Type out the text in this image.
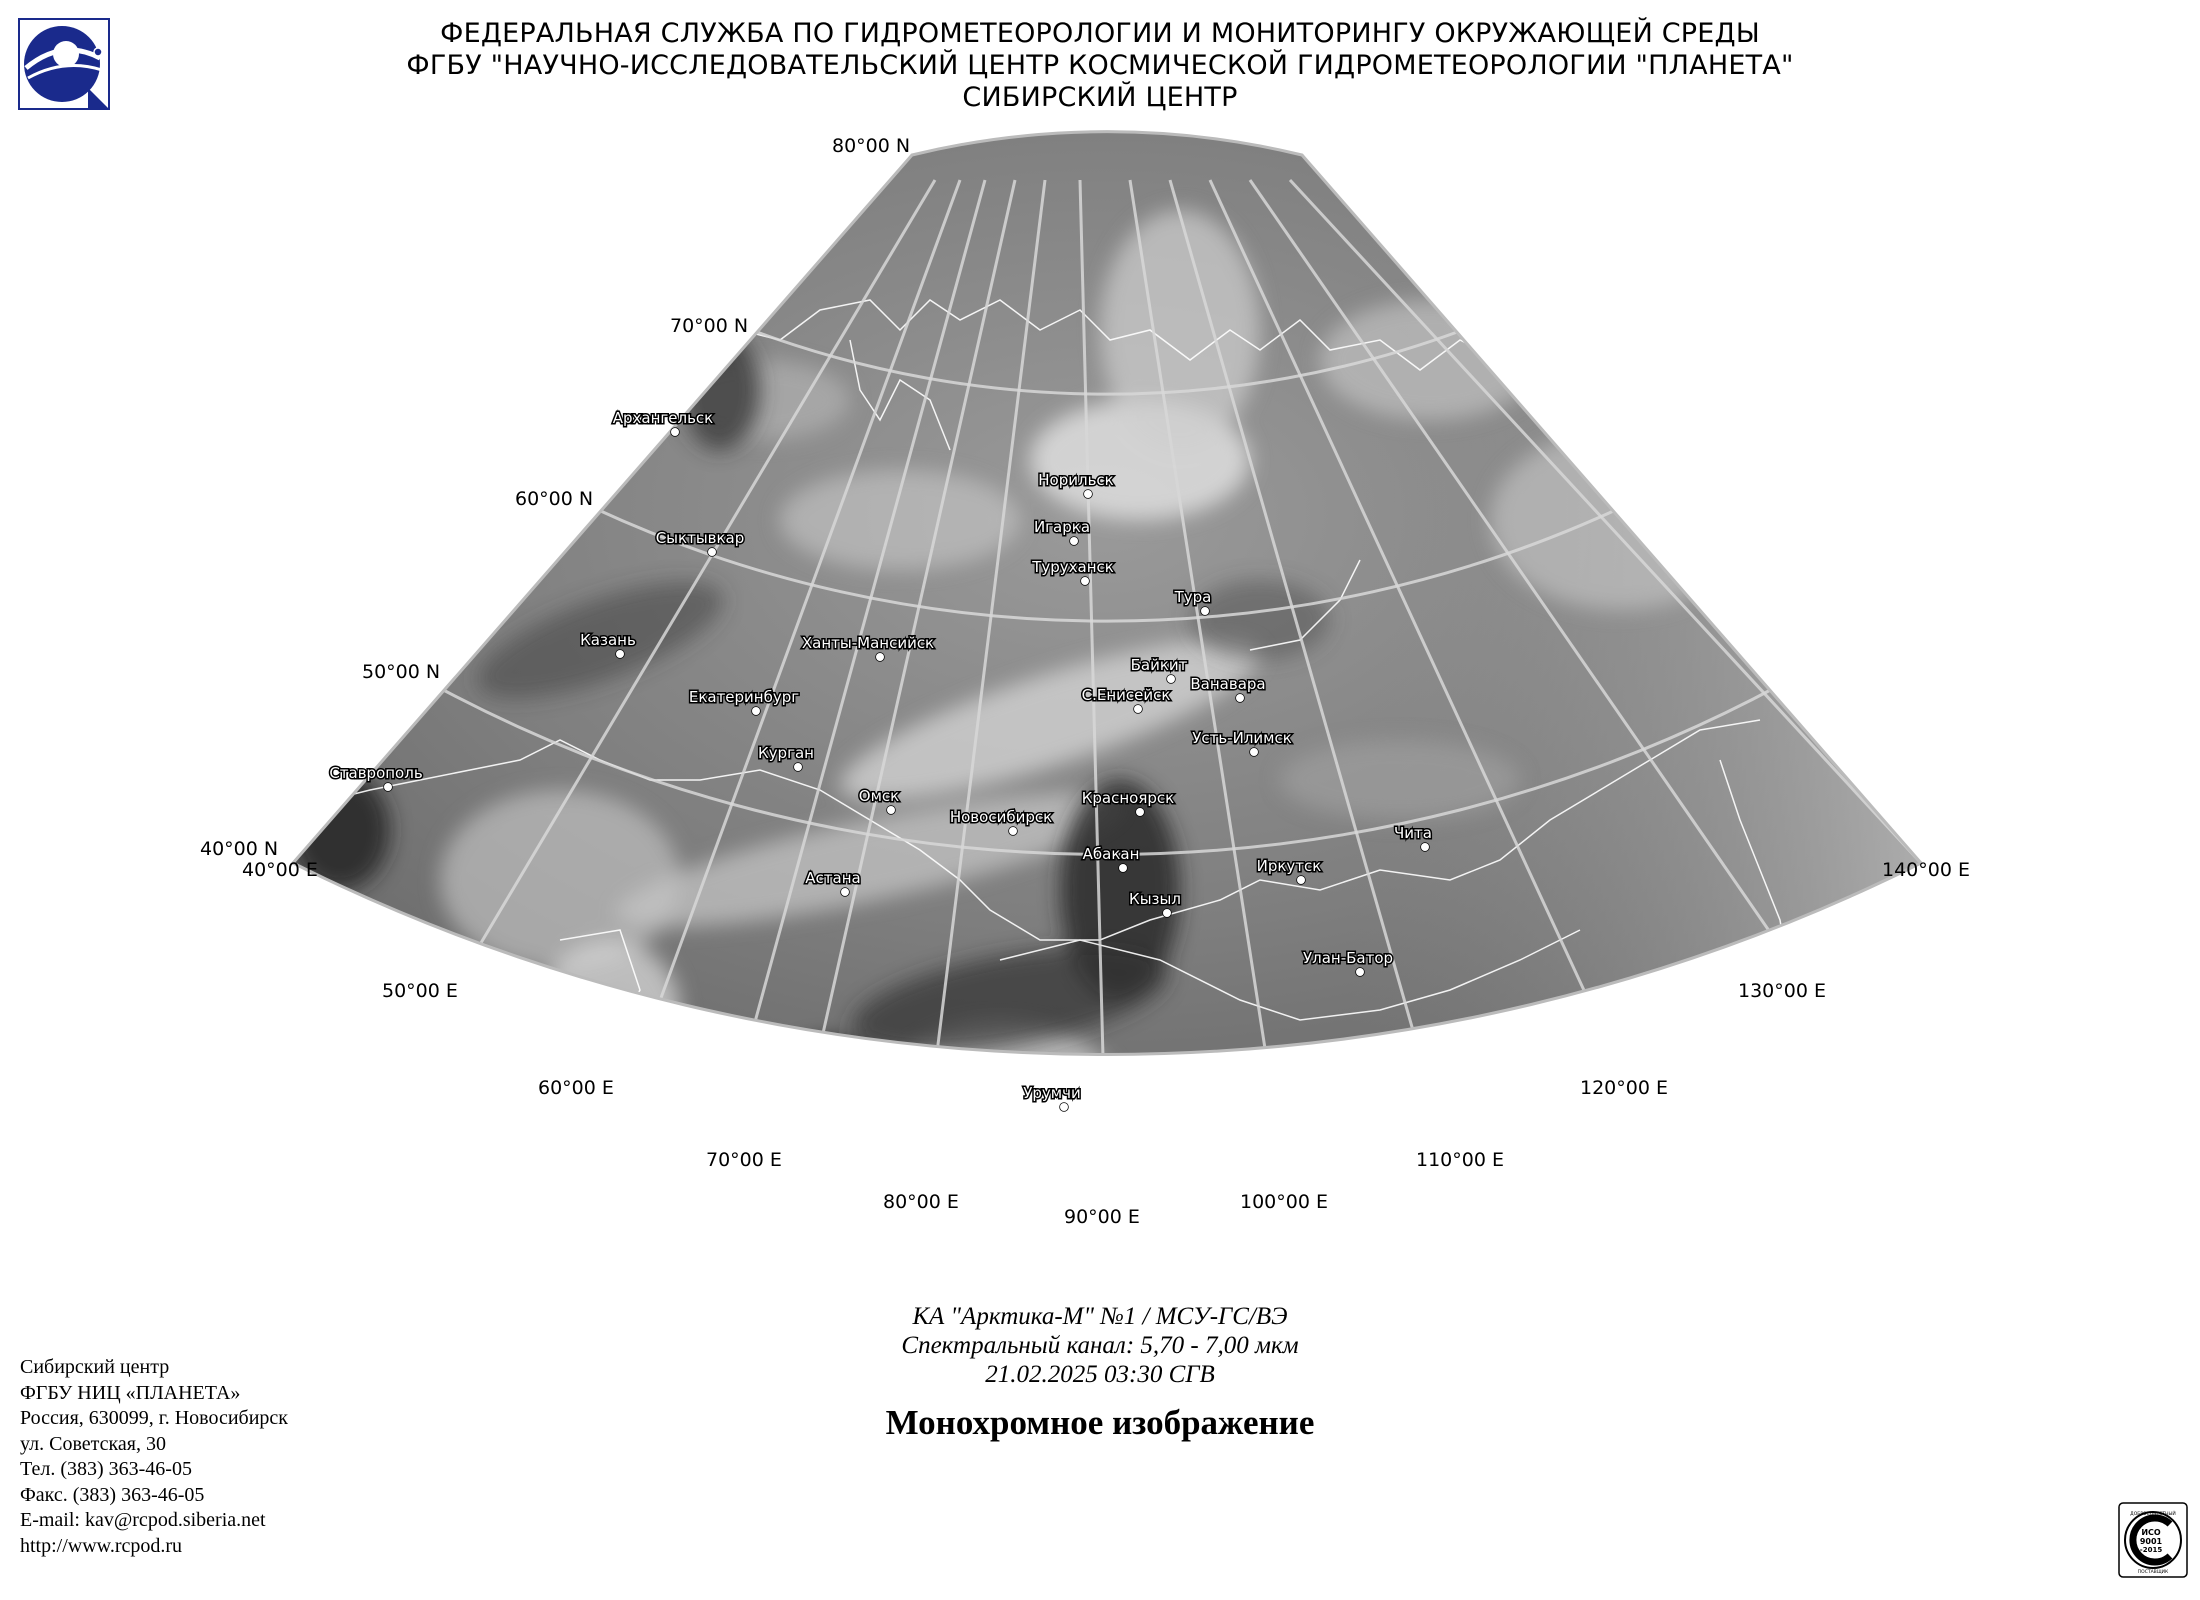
ФЕДЕРАЛЬНАЯ СЛУЖБА ПО ГИДРОМЕТЕОРОЛОГИИ И МОНИТОРИНГУ ОКРУЖАЮЩЕЙ СРЕДЫ
ФГБУ "НАУЧНО-ИССЛЕДОВАТЕЛЬСКИЙ ЦЕНТР КОСМИЧЕСКОЙ ГИДРОМЕТЕОРОЛОГИИ "ПЛАНЕТА"
СИБИРСКИЙ ЦЕНТР
Архангельск
Сыктывкар
Казань
Ставрополь
Ханты-Мансийск
Екатеринбург
Курган
Омск
Астана
Новосибирск
Норильск
Игарка
Туруханск
Тура
Байкит
Ванавара
С.Енисейск
Усть-Илимск
Красноярск
Абакан
Кызыл
Иркутск
Чита
Улан-Батор
Урумчи
80°00 N
70°00 N
60°00 N
50°00 N
40°00 N
40°00 E
50°00 E
60°00 E
70°00 E
80°00 E
90°00 E
100°00 E
110°00 E
120°00 E
130°00 E
140°00 E
КА "Арктика-М" №1 / МСУ-ГС/ВЭ
Спектральный канал: 5,70 - 7,00 мкм
21.02.2025 03:30 СГВ
Монохромное изображение
Сибирский центр
ФГБУ НИЦ «ПЛАНЕТА»
Россия, 630099, г. Новосибирск
ул. Советская, 30
Тел. (383) 363-46-05
Факс. (383) 363-46-05
E-mail: kav@rcpod.siberia.net
http://www.rcpod.ru
ДОБРОСОВЕСТНЫЙ
ИСО
9001
-2015
ПОСТАВЩИК
